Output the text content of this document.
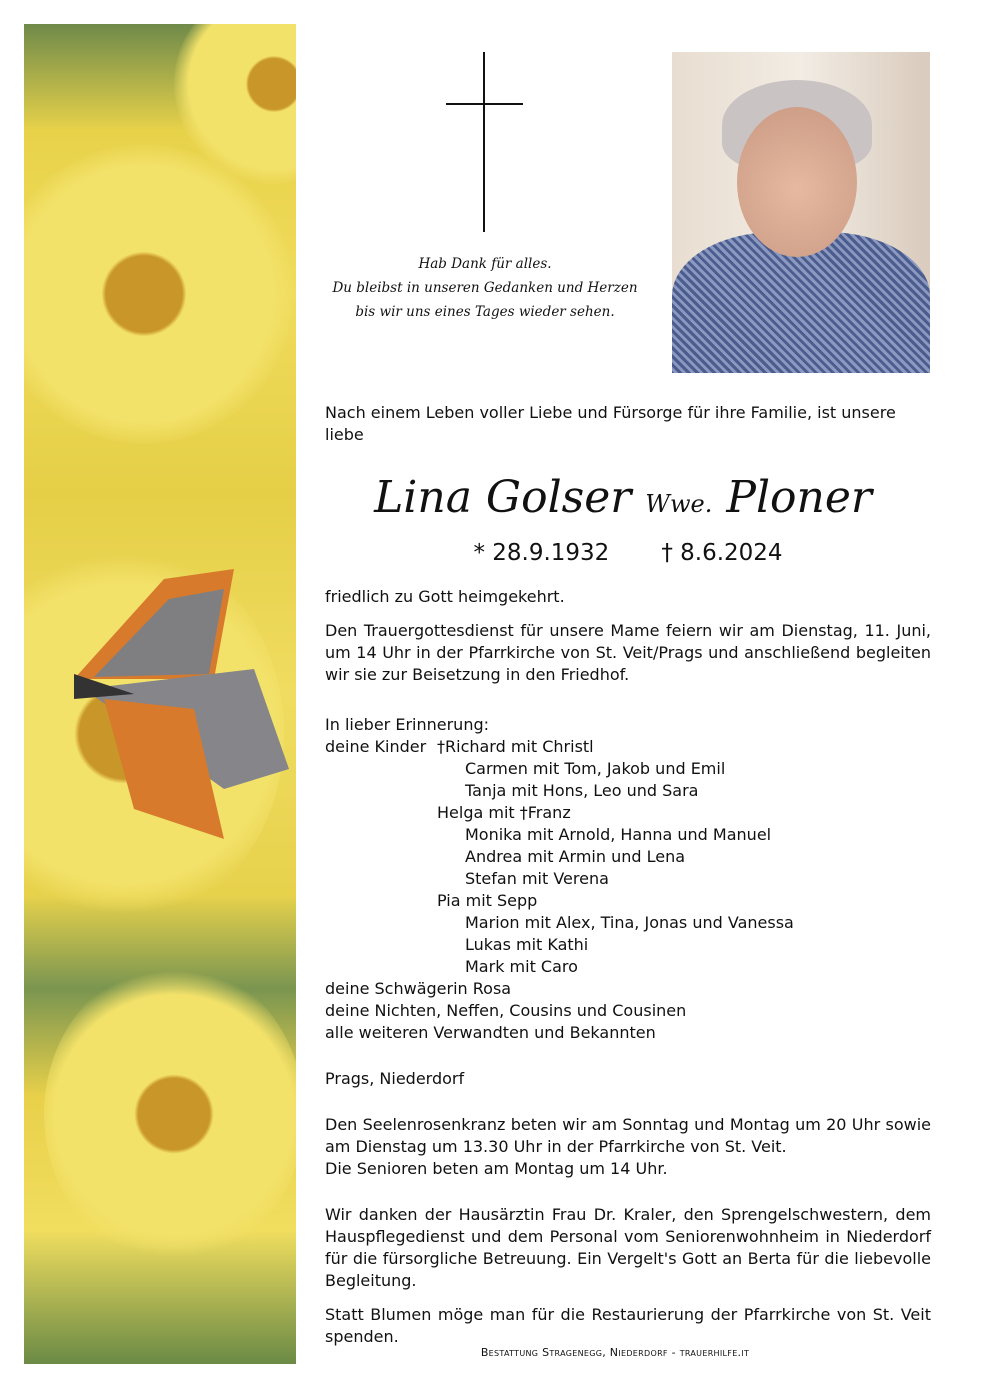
Hab Dank für alles.
Du bleibst in unseren Gedanken und Herzen
bis wir uns eines Tages wieder sehen.

Nach einem Leben voller Liebe und Fürsorge für ihre Familie, ist unsere liebe

Lina Golser Wwe. Ploner

* 28.9.1932 † 8.6.2024

friedlich zu Gott heimgekehrt.

Den Trauergottesdienst für unsere Mame feiern wir am Dienstag, 11. Juni, um 14 Uhr in der Pfarrkirche von St. Veit/Prags und anschließend begleiten wir sie zur Beisetzung in den Friedhof.

In lieber Erinnerung:

deine Kinder †Richard mit Christl
Carmen mit Tom, Jakob und Emil
Tanja mit Hons, Leo und Sara
Helga mit †Franz
Monika mit Arnold, Hanna und Manuel
Andrea mit Armin und Lena
Stefan mit Verena
Pia mit Sepp
Marion mit Alex, Tina, Jonas und Vanessa
Lukas mit Kathi
Mark mit Caro

deine Schwägerin Rosa

deine Nichten, Neffen, Cousins und Cousinen

alle weiteren Verwandten und Bekannten

Prags, Niederdorf

Den Seelenrosenkranz beten wir am Sonntag und Montag um 20 Uhr sowie am Dienstag um 13.30 Uhr in der Pfarrkirche von St. Veit.

Die Senioren beten am Montag um 14 Uhr.

Wir danken der Hausärztin Frau Dr. Kraler, den Sprengelschwestern, dem Hauspflegedienst und dem Personal vom Seniorenwohnheim in Niederdorf für die fürsorgliche Betreuung. Ein Vergelt's Gott an Berta für die liebevolle Begleitung.

Statt Blumen möge man für die Restaurierung der Pfarrkirche von St. Veit spenden.

Bestattung Stragenegg, Niederdorf - trauerhilfe.it
